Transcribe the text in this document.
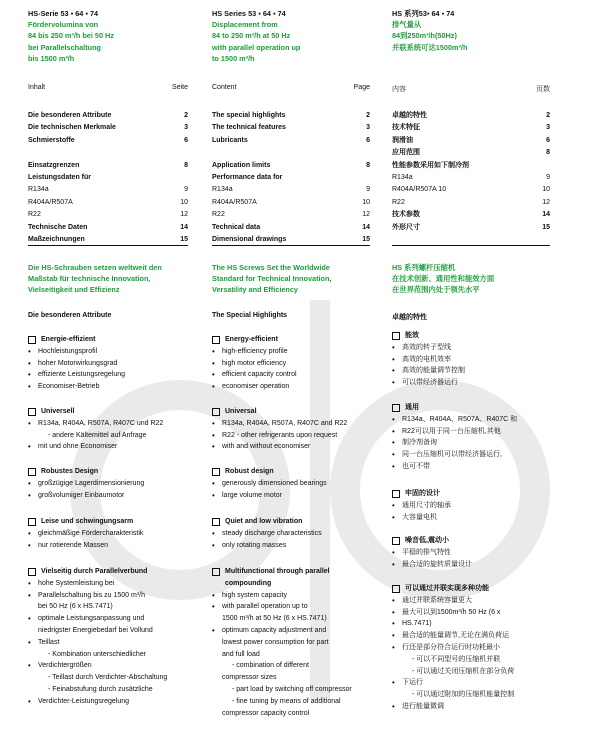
HS-Serie 53 ▪ 64 ▪ 74
Fördervolumina von
84 bis 250 m³/h bei 50 Hz
bei Parallelschaltung
bis 1500 m³/h
Inhalt	Seite
Die besonderen Attribute	2
Die technischen Merkmale	3
Schmierstoffe	6
Einsatzgrenzen	8
Leistungsdaten für
R134a	9
R404A/R507A	10
R22	12
Technische Daten	14
Maßzeichnungen	15
Die HS-Schrauben setzen weltweit den
Maßstab für technische Innovation,
Vielseitigkeit und Effizienz
Die besonderen Attribute
Energie-effizient
•	Hochleistungsprofil
•	hoher Motorwirkungsgrad
•	effiziente Leistungsregelung
•	Economiser-Betrieb
Universell
•	R134a, R404A, R507A, R407C und R22
- andere Kältemittel auf Anfrage
•	mit und ohne Economiser
Robustes Design
•	großzügige Lagerdimensionierung
•	großvolumiger Einbaumotor
Leise und schwingungsarm
•	gleichmäßige Fördercharakteristik
•	nur rotierende Massen
Vielseitig durch Parallelverbund
•	hohe Systemleistung bei
•	Parallelschaltung bis zu 1500 m³/h
bei 50 Hz (6 x HS.7471)
•	optimale Leistungsanpassung und
niedrigster Energiebedarf bei Vollund
•	Teillast
- Kombination unterschiedlicher
•	Verdichtergrößen
- Teillast durch Verdichter-Abschaltung
- Feinabstufung durch zusätzliche
•	Verdichter-Leistungsregelung
HS Series 53 ▪ 64 ▪ 74
Displacement from
84 to 250 m³/h at 50 Hz
with parallel operation up
to 1500 m³/h
Content	Page
The special highlights	2
The technical features	3
Lubricants	6
Application limits	8
Performance data for
R134a	9
R404A/R507A	10
R22	12
Technical data	14
Dimensional drawings	15
The HS Screws Set the Worldwide
Standard for Technical Innovation,
Versatility and Efficiency
The Special Highlights
Energy-efficient
•	high-efficiency profile
•	high motor efficiency
•	efficient capacity control
•	economiser operation
Universal
•	R134a, R404A, R507A, R407C and R22
•	R22 - other refrigerants upon request
•	with and without economiser
Robust design
•	generously dimensioned bearings
•	large volume motor
Quiet and low vibration
•	steady discharge characteristics
•	only rotating masses
Multifunctional through parallel compounding
•	high system capacity
•	with parallel operation up to
1500 m³/h at 50 Hz (6 x HS.7471)
•	optimum capacity adjustment and
lowest power consumption for part
and full load
- combination of different
compressor sizes
- part load by switching off compressor
- fine tuning by means of additional
compressor capacity control
HS 系列53▪ 64 ▪ 74
排气量从
84到250m³/h(50Hz)
并联系统可达1500m³/h
内容	页数
卓越的特性	2
技术特征	3
润滑油	6
应用范围	8
性能参数采用如下制冷剂
R134a	9
R404A/R507A 10	10
R22	12
技术参数	14
外形尺寸	15
HS 系列螺杆压缩机
在技术创新、通用性和能效方面
在世界范围内处于领先水平
卓越的特性
能效
•	高效的转子型线
•	高效的电机效率
•	高效的能量调节控制
•	可以带经济器运行
通用
•	R134a、R404A、R507A、R407C 和
•	R22可以用于同一台压缩机,其他
•	制冷剂备询
•	同一台压缩机可以带经济器运行,
•	也可不带
牢固的设计
•	通用尺寸的轴承
•	大容量电机
噪音低,震动小
•	平稳的排气特性
•	最合适的旋转质量设计
可以通过并联实现多种功能
•	通过并联系统容量更大
•	最大可以到1500m³/h 50 Hz (6 x
•	HS.7471)
•	最合适的能量调节,无论在满负荷运
•	行还是部分符合运行时功耗最小
- 可以不同型号的压缩机并联
- 可以通过关闭压缩机在部分负荷
•	下运行
- 可以通过附加的压缩机能量控制
•	进行能量微调
